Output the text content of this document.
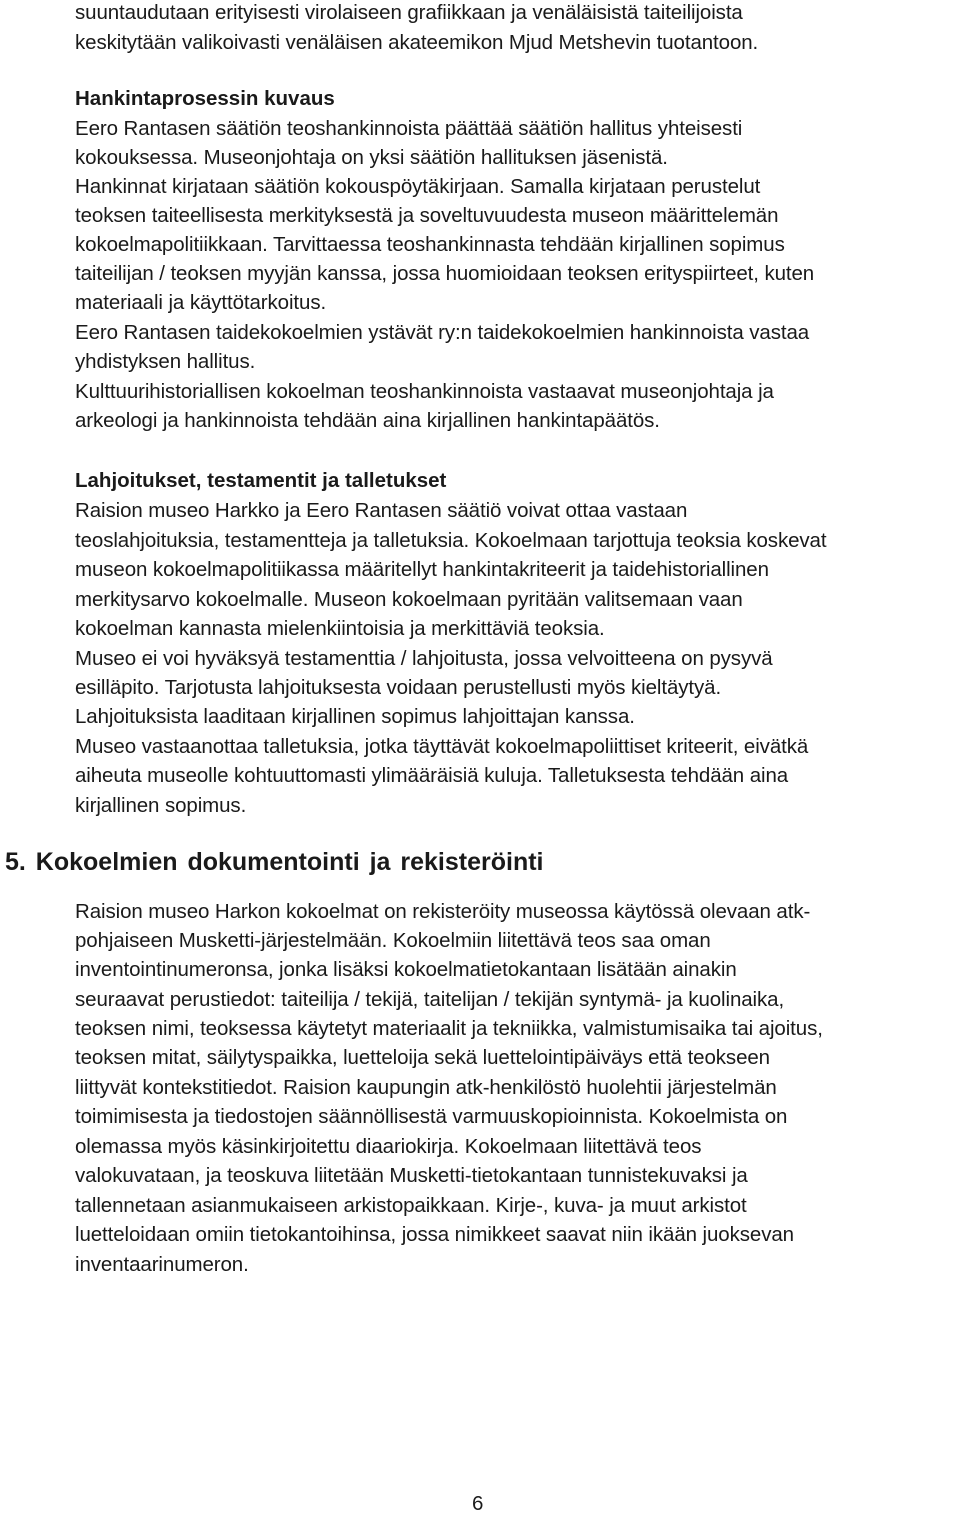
suuntaudutaan erityisesti virolaiseen grafiikkaan ja venäläisistä taiteilijoista
keskitytään valikoivasti venäläisen akateemikon Mjud Metshevin tuotantoon.
Hankintaprosessin kuvaus
Eero Rantasen säätiön teoshankinnoista päättää säätiön hallitus yhteisesti
kokouksessa. Museonjohtaja on yksi säätiön hallituksen jäsenistä.
Hankinnat kirjataan säätiön kokouspöytäkirjaan. Samalla kirjataan perustelut
teoksen taiteellisesta merkityksestä ja soveltuvuudesta museon määrittelemän
kokoelmapolitiikkaan. Tarvittaessa teoshankinnasta tehdään kirjallinen sopimus
taiteilijan / teoksen myyjän kanssa, jossa huomioidaan teoksen erityspiirteet, kuten
materiaali ja käyttötarkoitus.
Eero Rantasen taidekokoelmien ystävät ry:n taidekokoelmien hankinnoista vastaa
yhdistyksen hallitus.
Kulttuurihistoriallisen kokoelman teoshankinnoista vastaavat museonjohtaja ja
arkeologi ja hankinnoista tehdään aina kirjallinen hankintapäätös.
Lahjoitukset, testamentit ja talletukset
Raision museo Harkko ja Eero Rantasen säätiö voivat ottaa vastaan
teoslahjoituksia, testamentteja ja talletuksia. Kokoelmaan tarjottuja teoksia koskevat
museon kokoelmapolitiikassa määritellyt hankintakriteerit ja taidehistoriallinen
merkitysarvo kokoelmalle. Museon kokoelmaan pyritään valitsemaan vaan
kokoelman kannasta mielenkiintoisia ja merkittäviä teoksia.
Museo ei voi hyväksyä testamenttia / lahjoitusta, jossa velvoitteena on pysyvä
esilläpito. Tarjotusta lahjoituksesta voidaan perustellusti myös kieltäytyä.
Lahjoituksista laaditaan kirjallinen sopimus lahjoittajan kanssa.
Museo vastaanottaa talletuksia, jotka täyttävät kokoelmapoliittiset kriteerit, eivätkä
aiheuta museolle kohtuuttomasti ylimääräisiä kuluja. Talletuksesta tehdään aina
kirjallinen sopimus.
5. Kokoelmien dokumentointi ja rekisteröinti
Raision museo Harkon kokoelmat on rekisteröity museossa käytössä olevaan atk-
pohjaiseen Musketti-järjestelmään. Kokoelmiin liitettävä teos saa oman
inventointinumeronsa, jonka lisäksi kokoelmatietokantaan lisätään ainakin
seuraavat perustiedot: taiteilija / tekijä, taitelijan / tekijän syntymä- ja kuolinaika,
teoksen nimi, teoksessa käytetyt materiaalit ja tekniikka, valmistumisaika tai ajoitus,
teoksen mitat, säilytyspaikka, luetteloija sekä luettelointipäiväys että teokseen
liittyvät kontekstitiedot. Raision kaupungin atk-henkilöstö huolehtii järjestelmän
toimimisesta ja tiedostojen säännöllisestä varmuuskopioinnista. Kokoelmista on
olemassa myös käsinkirjoitettu diaariokirja. Kokoelmaan liitettävä teos
valokuvataan, ja teoskuva liitetään Musketti-tietokantaan tunnistekuvaksi ja
tallennetaan asianmukaiseen arkistopaikkaan. Kirje-, kuva- ja muut arkistot
luetteloidaan omiin tietokantoihinsa, jossa nimikkeet saavat niin ikään juoksevan
inventaarinumeron.
6
